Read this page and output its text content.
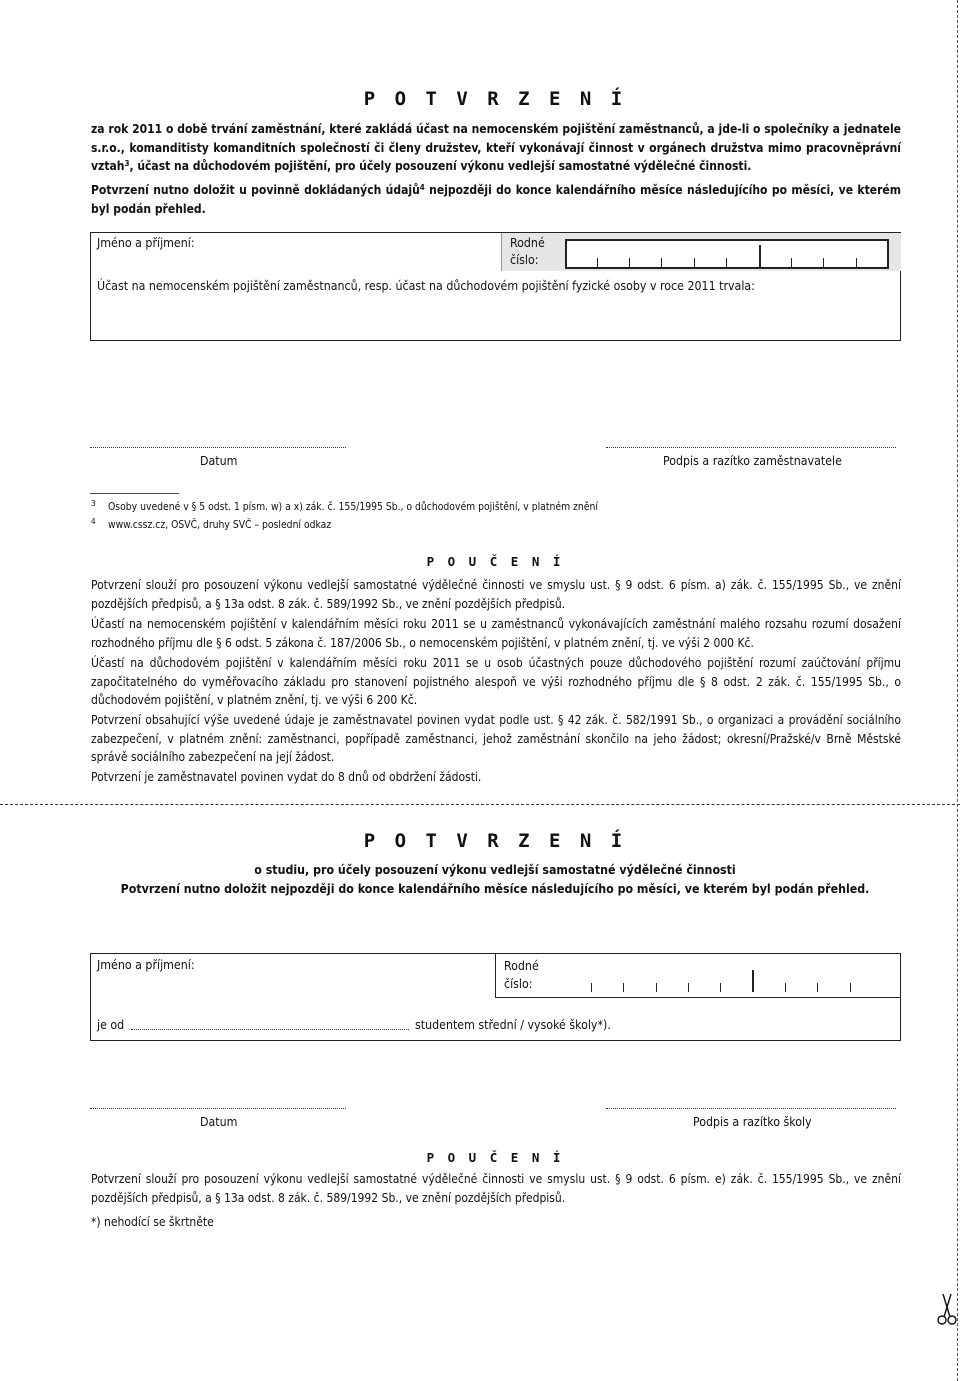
P O T V R Z E N Í
za rok 2011 o době trvání zaměstnání, které zakládá účast na nemocenském pojištění zaměstnanců, a jde-li o společníky a jednatele s.r.o., komanditisty komanditních společností či členy družstev, kteří vykonávají činnost v orgánech družstva mimo pracovněprávní vztah$^3$, účast na důchodovém pojištění, pro účely posouzení výkonu vedlejší samostatné výdělečné činnosti.
Potvrzení nutno doložit u povinně dokládaných údajů$^4$ nejpozději do konce kalendářního měsíce následujícího po měsíci, ve kterém byl podán přehled.
Jméno a příjmení:	Rodné
číslo:
Účast na nemocenském pojištění zaměstnanců, resp. účast na důchodovém pojištění fyzické osoby v roce 2011 trvala:
Datum	Podpis a razítko zaměstnavatele
3 Osoby uvedené v § 5 odst. 1 písm. w) a x) zák. č. 155/1995 Sb., o důchodovém pojištění, v platném znění
4 www.cssz.cz, OSVČ, druhy SVČ – poslední odkaz
P O U Č E N Í
Potvrzení slouží pro posouzení výkonu vedlejší samostatné výdělečné činnosti ve smyslu ust. § 9 odst. 6 písm. a) zák. č. 155/1995 Sb., ve znění pozdějších předpisů, a § 13a odst. 8 zák. č. 589/1992 Sb., ve znění pozdějších předpisů.
Účastí na nemocenském pojištění v kalendářním měsíci roku 2011 se u zaměstnanců vykonávajících zaměstnání malého rozsahu rozumí dosažení rozhodného příjmu dle § 6 odst. 5 zákona č. 187/2006 Sb., o nemocenském pojištění, v platném znění, tj. ve výši 2 000 Kč.
Účastí na důchodovém pojištění v kalendářním měsíci roku 2011 se u osob účastných pouze důchodového pojištění rozumí zaúčtování příjmu započitatelného do vyměřovacího základu pro stanovení pojistného alespoň ve výši rozhodného příjmu dle § 8 odst. 2 zák. č. 155/1995 Sb., o důchodovém pojištění, v platném znění, tj. ve výši 6 200 Kč.
Potvrzení obsahující výše uvedené údaje je zaměstnavatel povinen vydat podle ust. § 42 zák. č. 582/1991 Sb., o organizaci a provádění sociálního zabezpečení, v platném znění: zaměstnanci, popřípadě zaměstnanci, jehož zaměstnání skončilo na jeho žádost; okresní/Pražské/v Brně Městské správě sociálního zabezpečení na její žádost.
Potvrzení je zaměstnavatel povinen vydat do 8 dnů od obdržení žádosti.
P O T V R Z E N Í
o studiu, pro účely posouzení výkonu vedlejší samostatné výdělečné činnosti
Potvrzení nutno doložit nejpozději do konce kalendářního měsíce následujícího po měsíci, ve kterém byl podán přehled.
Jméno a příjmení:	Rodné
číslo:
je od	studentem střední / vysoké školy*).
Datum	Podpis a razítko školy
P O U Č E N Í
Potvrzení slouží pro posouzení výkonu vedlejší samostatné výdělečné činnosti ve smyslu ust. § 9 odst. 6 písm. e) zák. č. 155/1995 Sb., ve znění pozdějších předpisů, a § 13a odst. 8 zák. č. 589/1992 Sb., ve znění pozdějších předpisů.
*) nehodící se škrtněte
